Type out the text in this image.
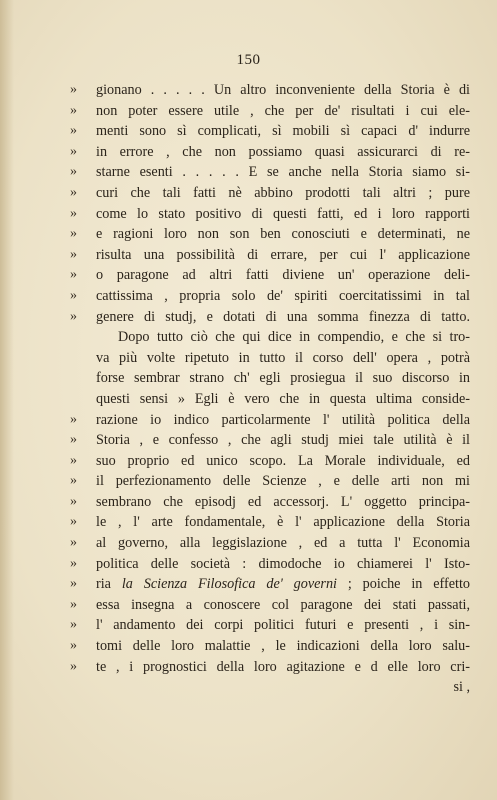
150
» gionano . . . . . Un altro inconveniente della Storia è di
» non poter essere utile , che per de' risultati i cui ele-
» menti sono sì complicati, sì mobili sì capaci d' indurre
» in errore , che non possiamo quasi assicurarci di re-
» starne esenti . . . . . E se anche nella Storia siamo si-
» curi che tali fatti nè abbino prodotti tali altri ; pure
» come lo stato positivo di questi fatti, ed i loro rapporti
» e ragioni loro non son ben conosciuti e determinati, ne
» risulta una possibilità di errare, per cui l' applicazione
» o paragone ad altri fatti diviene un' operazione deli-
» cattissima , propria solo de' spiriti coercitatissimi in tal
» genere di studj, e dotati di una somma finezza di tatto.
Dopo tutto ciò che qui dice in compendio, e che si tro-
va più volte ripetuto in tutto il corso dell' opera , potrà
forse sembrar strano ch' egli prosiegua il suo discorso in
questi sensi » Egli è vero che in questa ultima conside-
» razione io indico particolarmente l' utilità politica della
» Storia , e confesso , che agli studj miei tale utilità è il
» suo proprio ed unico scopo. La Morale individuale, ed
» il perfezionamento delle Scienze , e delle arti non mi
» sembrano che episodj ed accessorj. L' oggetto principa-
» le , l' arte fondamentale, è l' applicazione della Storia
» al governo, alla leggislazione , ed a tutta l' Economia
» politica delle società : dimodoche io chiamerei l' Isto-
» ria la Scienza Filosofica de' governi ; poiche in effetto
» essa insegna a conoscere col paragone dei stati passati,
» l' andamento dei corpi politici futuri e presenti , i sin-
» tomi delle loro malattie , le indicazioni della loro salu-
» te , i prognostici della loro agitazione e d elle loro cri-
si ,
